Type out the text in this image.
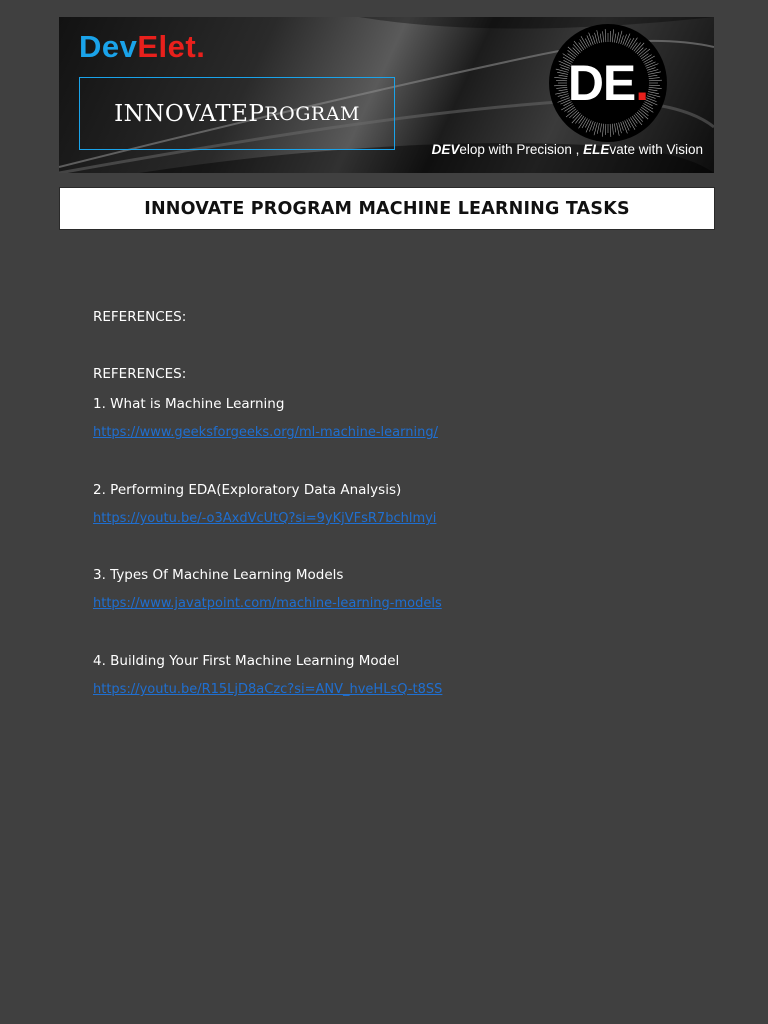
DevElet.
INNOVATE P ROGRAM
DE.
DEVelop with Precision , ELEvate with Vision
INNOVATE PROGRAM MACHINE LEARNING TASKS
REFERENCES:
REFERENCES:
1. What is Machine Learning
https://www.geeksforgeeks.org/ml-machine-learning/
2. Performing EDA(Exploratory Data Analysis)
https://youtu.be/-o3AxdVcUtQ?si=9yKjVFsR7bchlmyi
3. Types Of Machine Learning Models
https://www.javatpoint.com/machine-learning-models
4. Building Your First Machine Learning Model
https://youtu.be/R15LjD8aCzc?si=ANV_hveHLsQ-t8SS
